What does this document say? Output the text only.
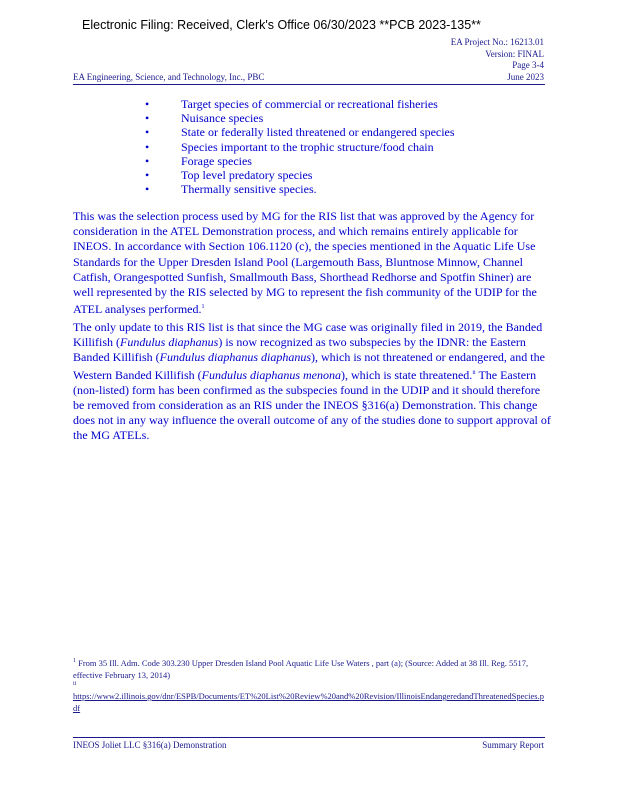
Electronic Filing: Received, Clerk's Office 06/30/2023 **PCB 2023-135**
EA Project No.: 16213.01
Version: FINAL
Page 3-4
EA Engineering, Science, and Technology, Inc., PBC	June 2023
•	Target species of commercial or recreational fisheries
•	Nuisance species
•	State or federally listed threatened or endangered species
•	Species important to the trophic structure/food chain
•	Forage species
•	Top level predatory species
•	Thermally sensitive species.

This was the selection process used by MG for the RIS list that was approved by the Agency for consideration in the ATEL Demonstration process, and which remains entirely applicable for INEOS. In accordance with Section 106.1120 (c), the species mentioned in the Aquatic Life Use Standards for the Upper Dresden Island Pool (Largemouth Bass, Bluntnose Minnow, Channel Catfish, Orangespotted Sunfish, Smallmouth Bass, Shorthead Redhorse and Spotfin Shiner) are well represented by the RIS selected by MG to represent the fish community of the UDIP for the ATEL analyses performed.$^1$

The only update to this RIS list is that since the MG case was originally filed in 2019, the Banded Killifish (Fundulus diaphanus) is now recognized as two subspecies by the IDNR: the Eastern Banded Killifish (Fundulus diaphanus diaphanus), which is not threatened or endangered, and the Western Banded Killifish (Fundulus diaphanus menona), which is state threatened.$^{ii}$ The Eastern (non-listed) form has been confirmed as the subspecies found in the UDIP and it should therefore be removed from consideration as an RIS under the INEOS §316(a) Demonstration. This change does not in any way influence the overall outcome of any of the studies done to support approval of the MG ATELs.

$^1$ From 35 Ill. Adm. Code 303.230 Upper Dresden Island Pool Aquatic Life Use Waters , part (a); (Source: Added at 38 Ill. Reg. 5517, effective February 13, 2014)

$^{ii}$

https://www2.illinois.gov/dnr/ESPB/Documents/ET%20List%20Review%20and%20Revision/IllinoisEndangeredandThreatenedSpecies.pdf

INEOS Joliet LLC §316(a) Demonstration	Summary Report
